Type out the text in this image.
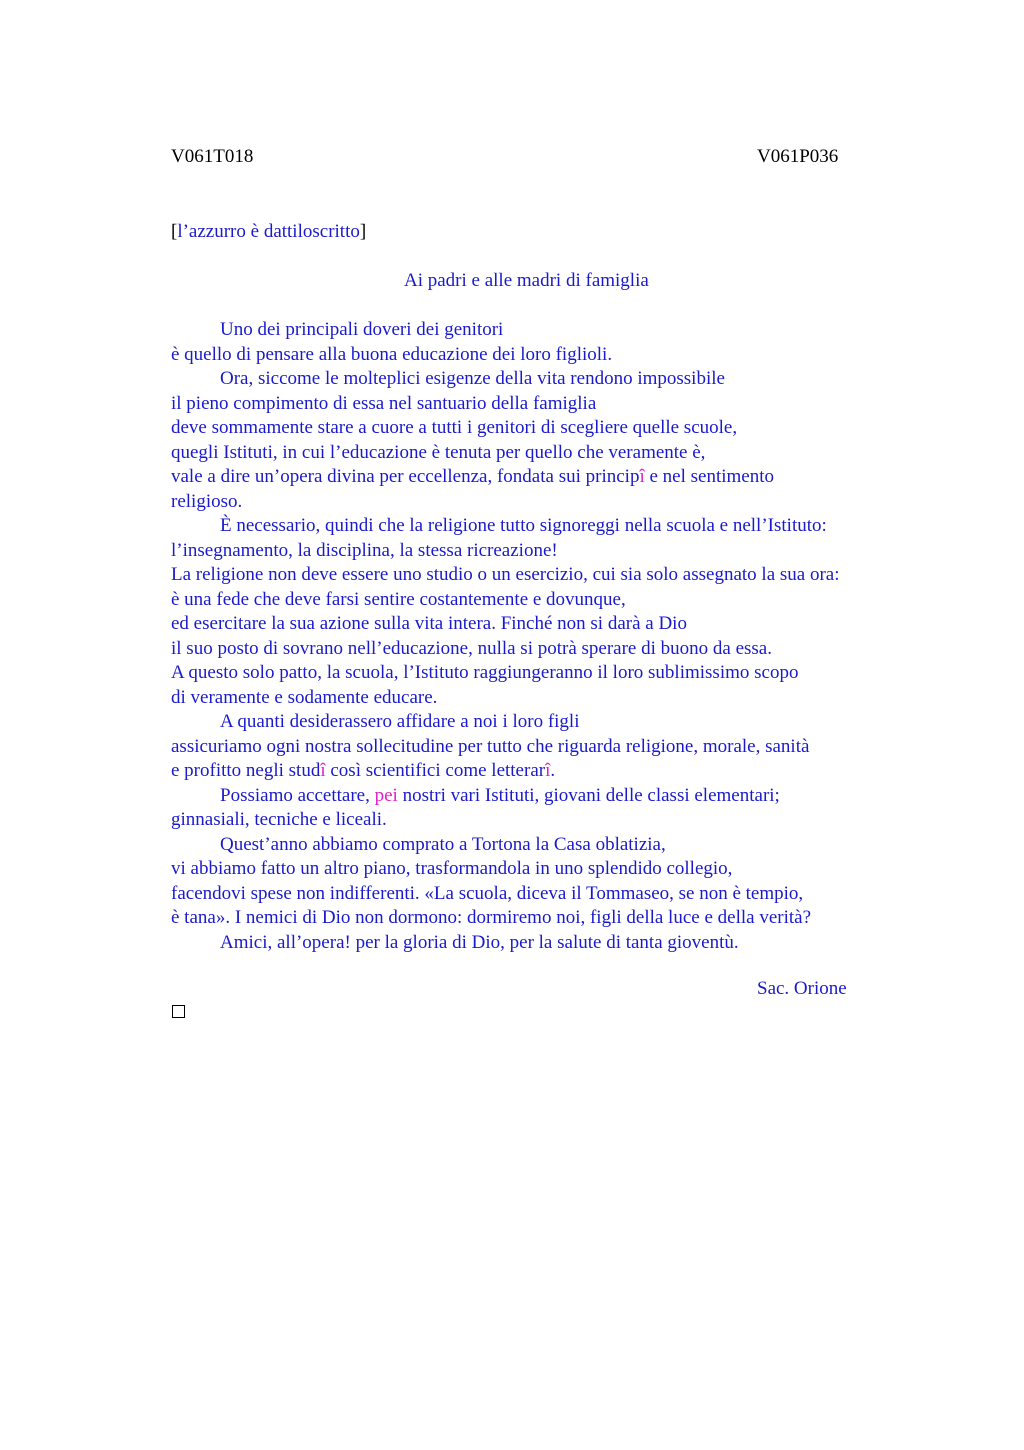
V061T018	V061P036
[l’azzurro è dattiloscritto]
Ai padri e alle madri di famiglia
Uno dei principali doveri dei genitori
è quello di pensare alla buona educazione dei loro figlioli.
Ora, siccome le molteplici esigenze della vita rendono impossibile
il pieno compimento di essa nel santuario della famiglia
deve sommamente stare a cuore a tutti i genitori di scegliere quelle scuole,
quegli Istituti, in cui l’educazione è tenuta per quello che veramente è,
vale a dire un’opera divina per eccellenza, fondata sui principî e nel sentimento
religioso.
È necessario, quindi che la religione tutto signoreggi nella scuola e nell’Istituto:
l’insegnamento, la disciplina, la stessa ricreazione!
La religione non deve essere uno studio o un esercizio, cui sia solo assegnato la sua ora:
è una fede che deve farsi sentire costantemente e dovunque,
ed esercitare la sua azione sulla vita intera. Finché non si darà a Dio
il suo posto di sovrano nell’educazione, nulla si potrà sperare di buono da essa.
A questo solo patto, la scuola, l’Istituto raggiungeranno il loro sublimissimo scopo
di veramente e sodamente educare.
A quanti desiderassero affidare a noi i loro figli
assicuriamo ogni nostra sollecitudine per tutto che riguarda religione, morale, sanità
e profitto negli studî così scientifici come letterarî.
Possiamo accettare, pei nostri vari Istituti, giovani delle classi elementari;
ginnasiali, tecniche e liceali.
Quest’anno abbiamo comprato a Tortona la Casa oblatizia,
vi abbiamo fatto un altro piano, trasformandola in uno splendido collegio,
facendovi spese non indifferenti. «La scuola, diceva il Tommaseo, se non è tempio,
è tana». I nemici di Dio non dormono: dormiremo noi, figli della luce e della verità?
Amici, all’opera! per la gloria di Dio, per la salute di tanta gioventù.
Sac. Orione
